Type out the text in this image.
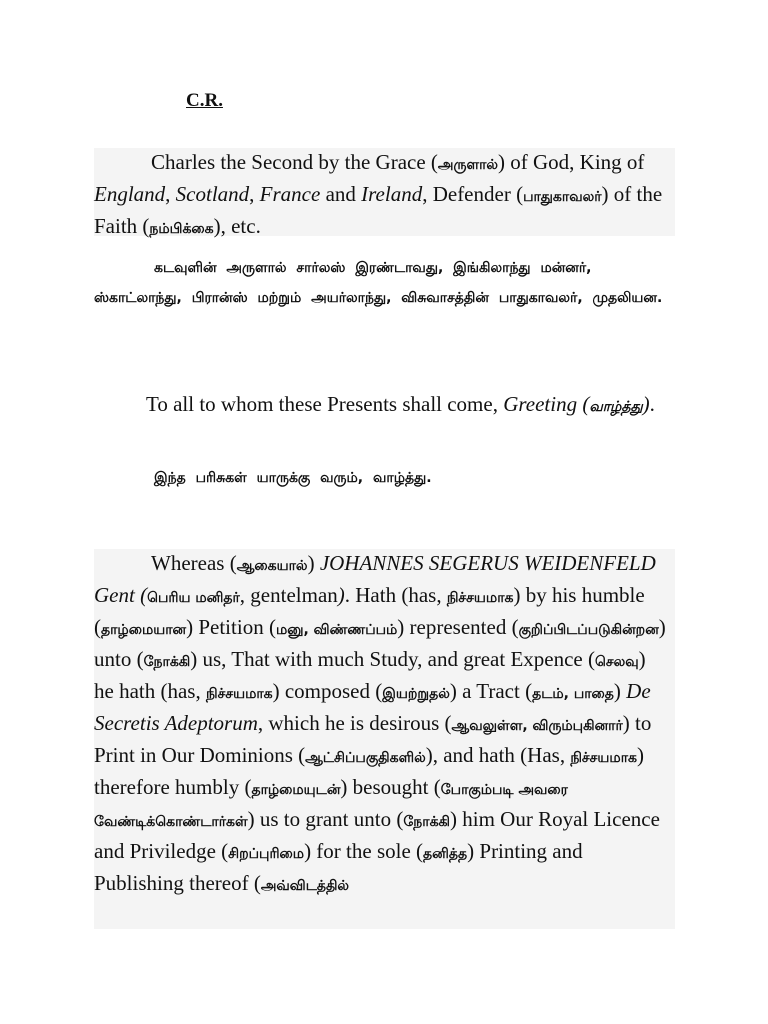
C.R.

Charles the Second by the Grace (அருளால்) of God, King of England, Scotland, France and Ireland, Defender (பாதுகாவலர்) of the Faith (நம்பிக்கை), etc.

கடவுளின் அருளால் சார்லஸ் இரண்டாவது, இங்கிலாந்து மன்னர், ஸ்காட்லாந்து, பிரான்ஸ் மற்றும் அயர்லாந்து, விசுவாசத்தின் பாதுகாவலர், முதலியன.

To all to whom these Presents shall come, Greeting (வாழ்த்து).

இந்த பரிசுகள் யாருக்கு வரும், வாழ்த்து.

Whereas (ஆகையால்) JOHANNES SEGERUS WEIDENFELD Gent (பெரிய மனிதர், gentelman). Hath (has, நிச்சயமாக) by his humble (தாழ்மையான) Petition (மனு, விண்ணப்பம்) represented (குறிப்பிடப்படுகின்றன) unto (நோக்கி) us, That with much Study, and great Expence (செலவு) he hath (has, நிச்சயமாக) composed (இயற்றுதல்) a Tract (தடம், பாதை) De Secretis Adeptorum, which he is desirous (ஆவலுள்ள, விரும்புகினார்) to Print in Our Dominions (ஆட்சிப்பகுதிகளில்), and hath (Has, நிச்சயமாக) therefore humbly (தாழ்மையுடன்) besought (போகும்படி அவரை வேண்டிக்கொண்டார்கள்) us to grant unto (நோக்கி) him Our Royal Licence and Priviledge (சிறப்புரிமை) for the sole (தனித்த) Printing and Publishing thereof (அவ்விடத்தில்
